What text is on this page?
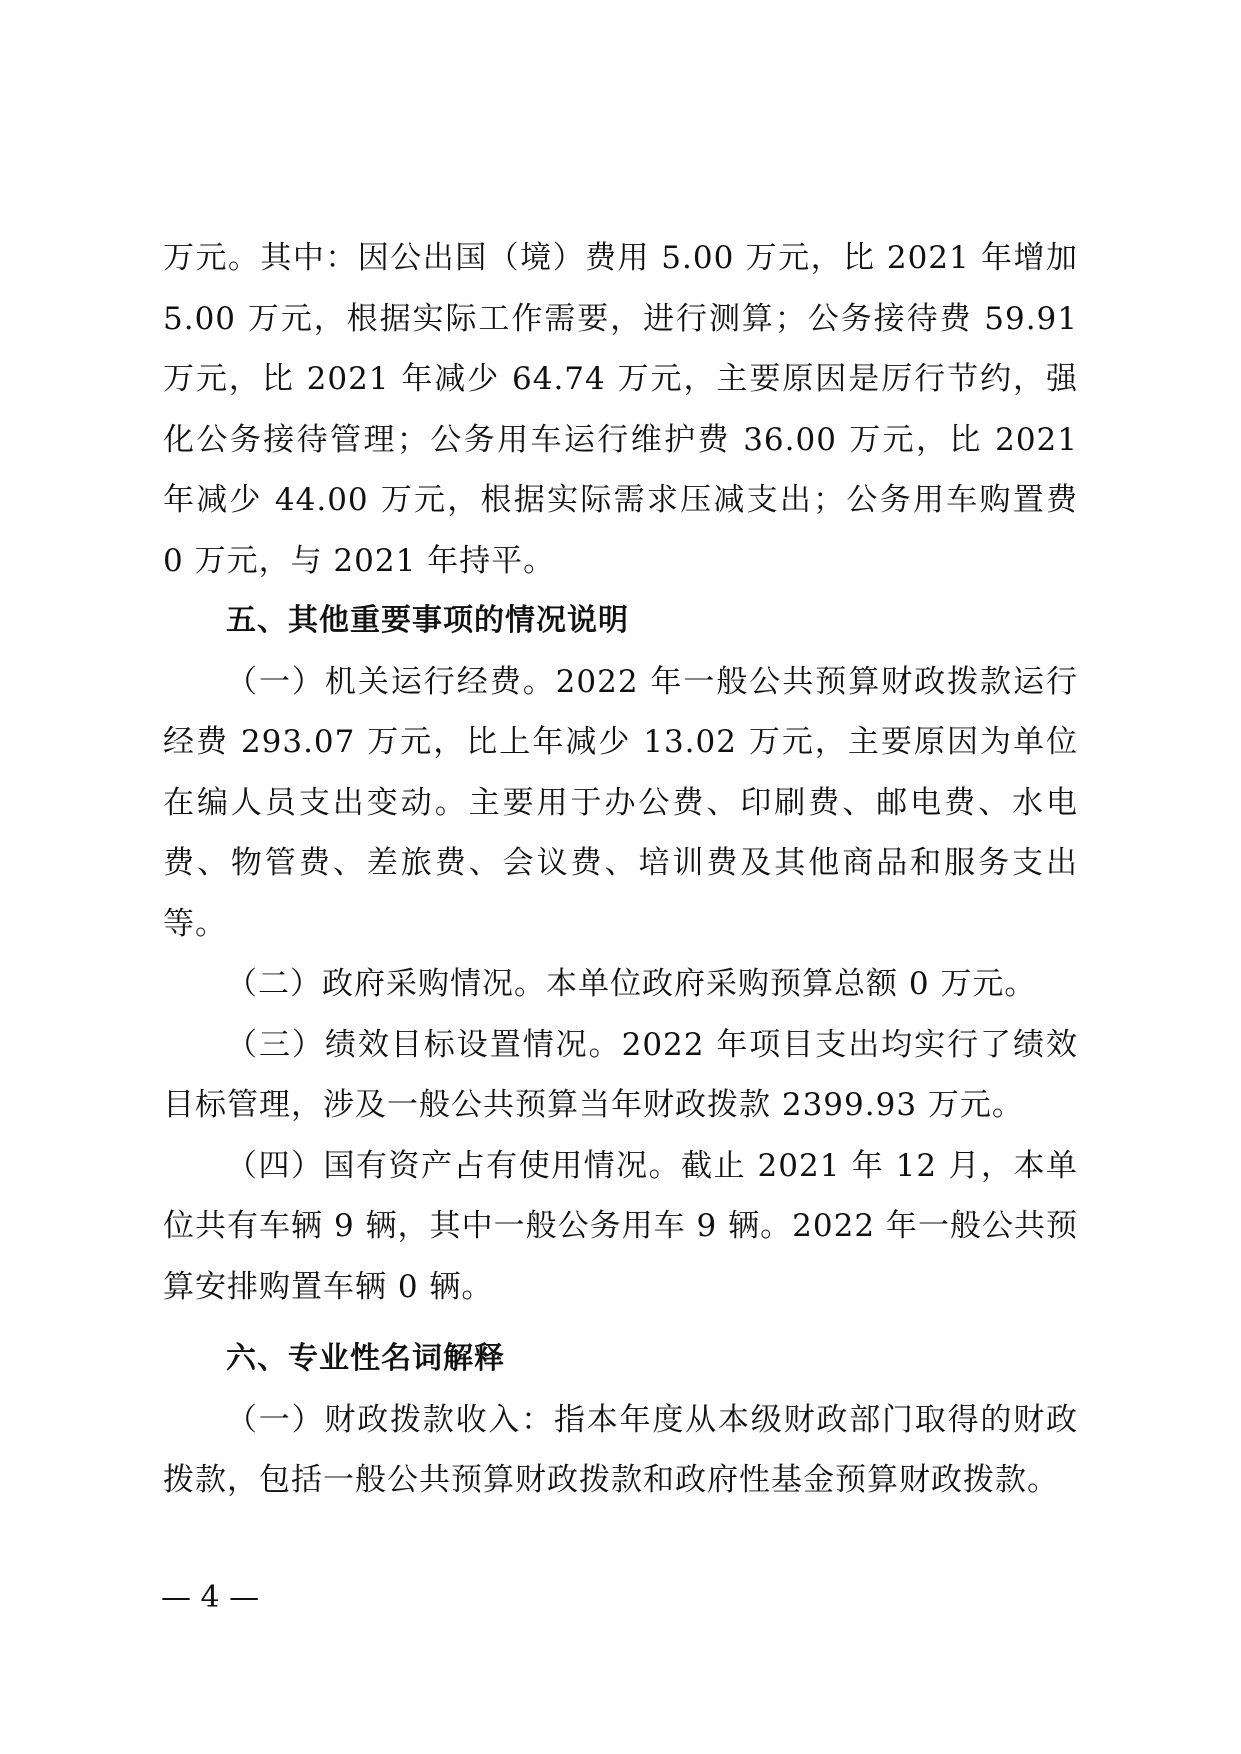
万元。其中：因公出国（境）费用 5.00 万元，比 2021 年增加 5.00 万元，根据实际工作需要，进行测算；公务接待费 59.91 万元，比 2021 年减少 64.74 万元，主要原因是厉行节约，强化公务接待管理；公务用车运行维护费 36.00 万元，比 2021 年减少 44.00 万元，根据实际需求压减支出；公务用车购置费 0 万元，与 2021 年持平。

五、其他重要事项的情况说明

（一）机关运行经费。2022 年一般公共预算财政拨款运行经费 293.07 万元，比上年减少 13.02 万元，主要原因为单位在编人员支出变动。主要用于办公费、印刷费、邮电费、水电费、物管费、差旅费、会议费、培训费及其他商品和服务支出等。

（二）政府采购情况。本单位政府采购预算总额 0 万元。

（三）绩效目标设置情况。2022 年项目支出均实行了绩效目标管理，涉及一般公共预算当年财政拨款 2399.93 万元。

（四）国有资产占有使用情况。截止 2021 年 12 月，本单位共有车辆 9 辆，其中一般公务用车 9 辆。2022 年一般公共预算安排购置车辆 0 辆。

六、专业性名词解释

（一）财政拨款收入：指本年度从本级财政部门取得的财政拨款，包括一般公共预算财政拨款和政府性基金预算财政拨款。

— 4 —
